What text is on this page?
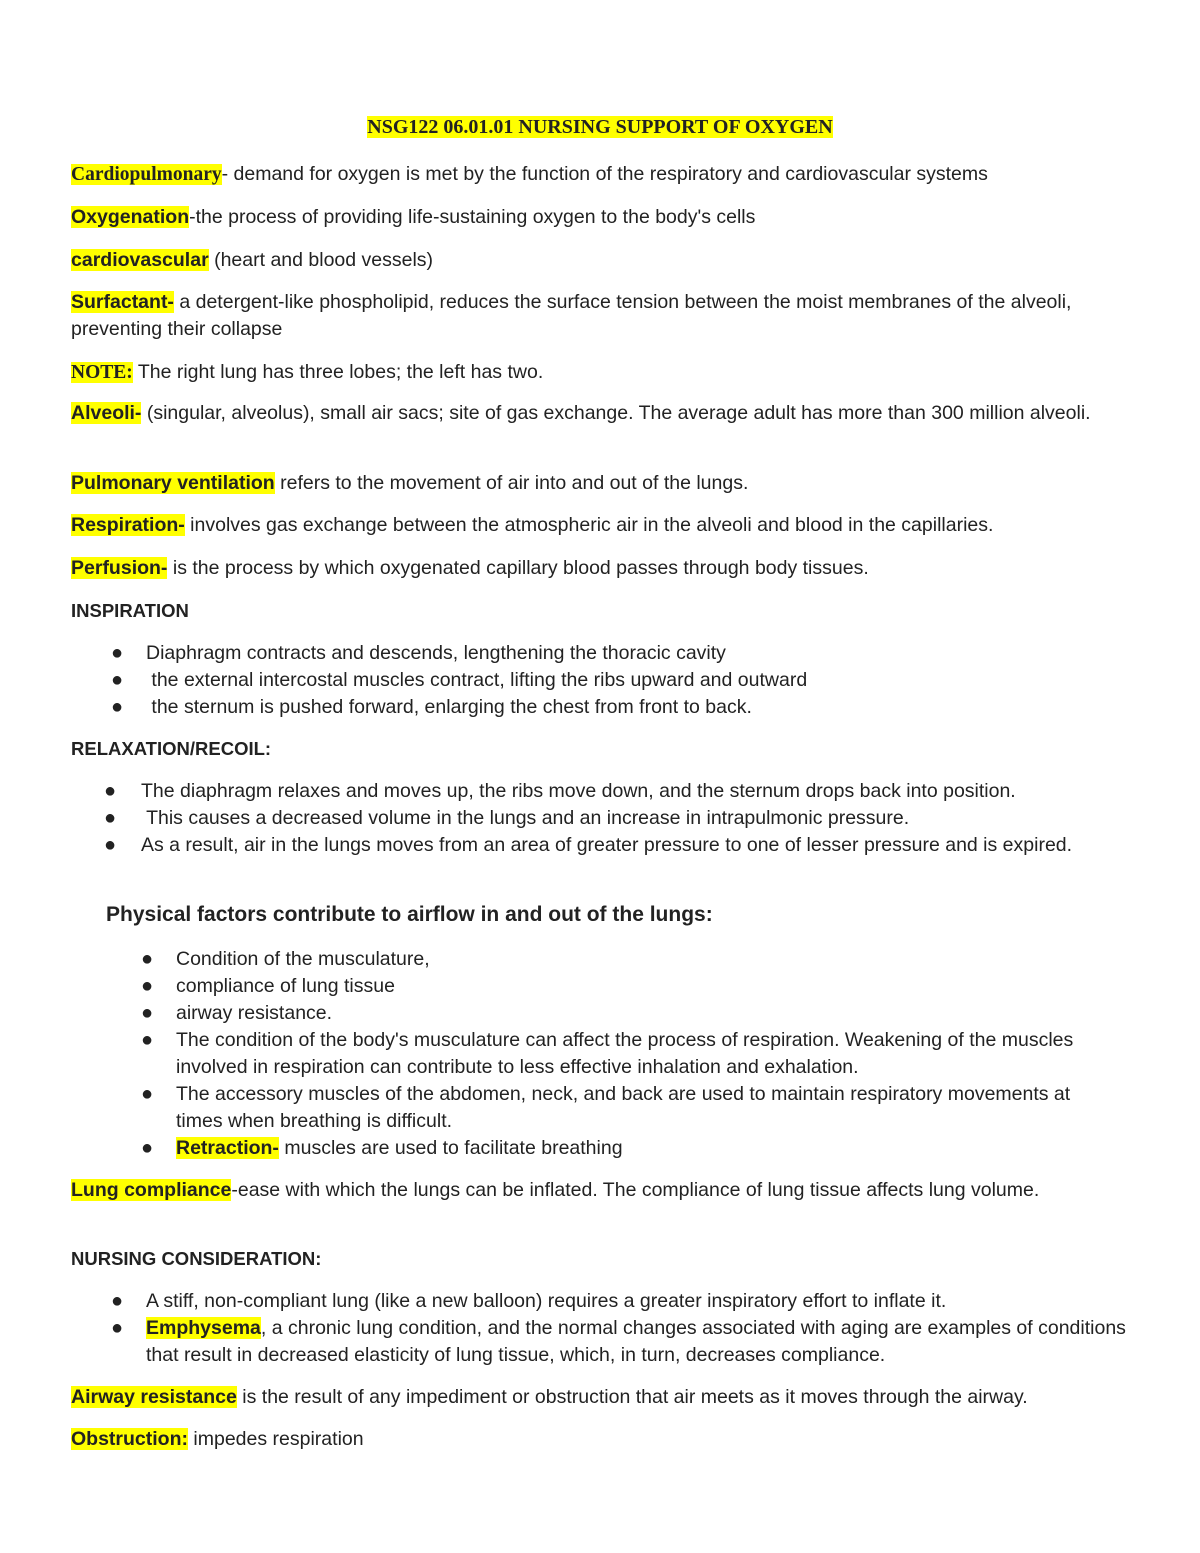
NSG122 06.01.01 NURSING SUPPORT OF OXYGEN

Cardiopulmonary- demand for oxygen is met by the function of the respiratory and cardiovascular systems

Oxygenation-the process of providing life-sustaining oxygen to the body's cells

cardiovascular (heart and blood vessels)

Surfactant- a detergent-like phospholipid, reduces the surface tension between the moist membranes of the alveoli, preventing their collapse

NOTE: The right lung has three lobes; the left has two.

Alveoli- (singular, alveolus), small air sacs; site of gas exchange. The average adult has more than 300 million alveoli.

Pulmonary ventilation refers to the movement of air into and out of the lungs.

Respiration- involves gas exchange between the atmospheric air in the alveoli and blood in the capillaries.

Perfusion- is the process by which oxygenated capillary blood passes through body tissues.

INSPIRATION

● Diaphragm contracts and descends, lengthening the thoracic cavity
● the external intercostal muscles contract, lifting the ribs upward and outward
● the sternum is pushed forward, enlarging the chest from front to back.

RELAXATION/RECOIL:

● The diaphragm relaxes and moves up, the ribs move down, and the sternum drops back into position.
● This causes a decreased volume in the lungs and an increase in intrapulmonic pressure.
● As a result, air in the lungs moves from an area of greater pressure to one of lesser pressure and is expired.

Physical factors contribute to airflow in and out of the lungs:

● Condition of the musculature,
● compliance of lung tissue
● airway resistance.
● The condition of the body's musculature can affect the process of respiration. Weakening of the muscles involved in respiration can contribute to less effective inhalation and exhalation.
● The accessory muscles of the abdomen, neck, and back are used to maintain respiratory movements at times when breathing is difficult.
● Retraction- muscles are used to facilitate breathing

Lung compliance-ease with which the lungs can be inflated. The compliance of lung tissue affects lung volume.

NURSING CONSIDERATION:

● A stiff, non-compliant lung (like a new balloon) requires a greater inspiratory effort to inflate it.
● Emphysema, a chronic lung condition, and the normal changes associated with aging are examples of conditions that result in decreased elasticity of lung tissue, which, in turn, decreases compliance.

Airway resistance is the result of any impediment or obstruction that air meets as it moves through the airway.

Obstruction: impedes respiration
